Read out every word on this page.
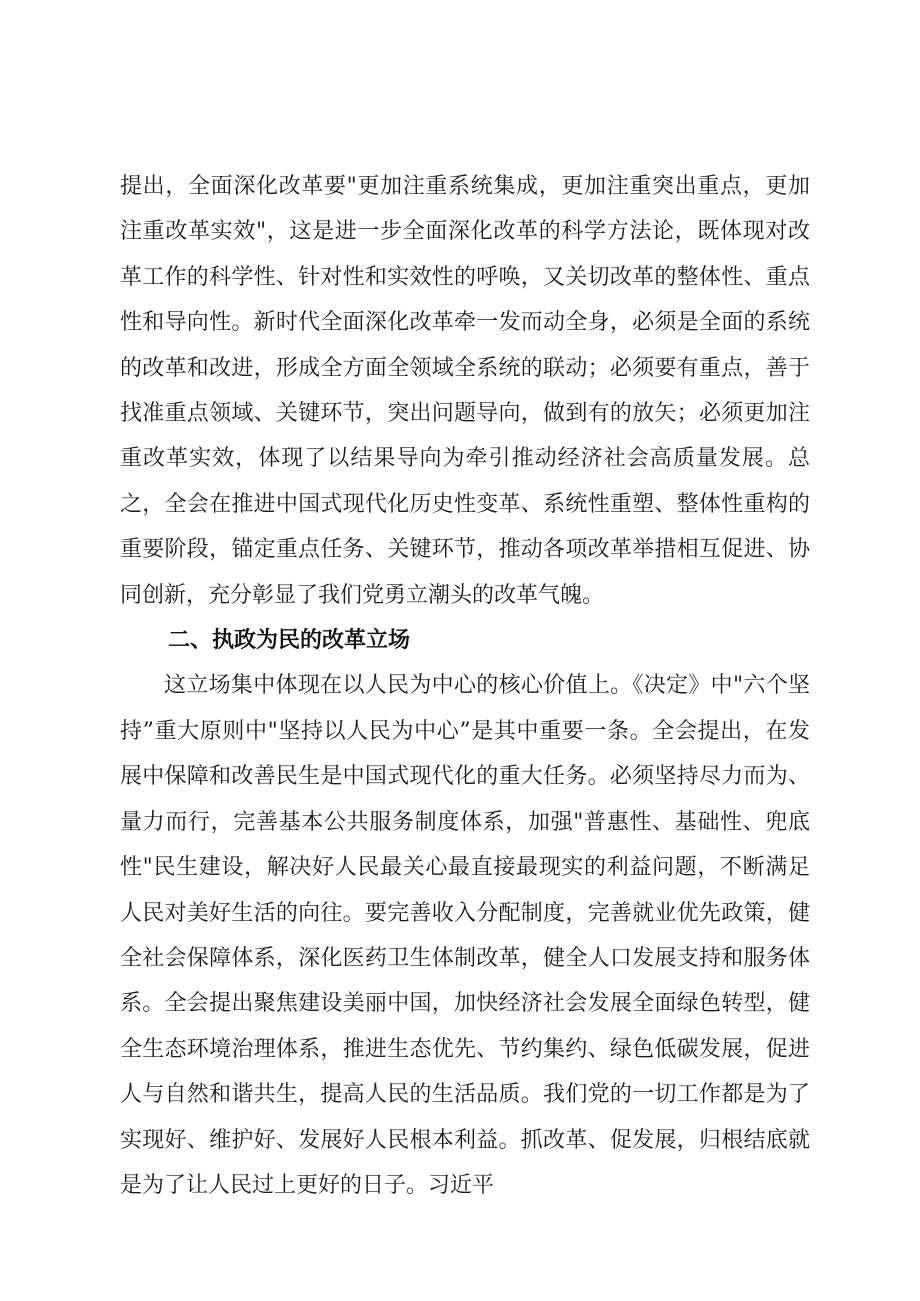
提出，全面深化改革要"更加注重系统集成，更加注重突出重点，更加注重改革实效"，这是进一步全面深化改革的科学方法论，既体现对改革工作的科学性、针对性和实效性的呼唤，又关切改革的整体性、重点性和导向性。新时代全面深化改革牵一发而动全身，必须是全面的系统的改革和改进，形成全方面全领域全系统的联动；必须要有重点，善于找准重点领域、关键环节，突出问题导向，做到有的放矢；必须更加注重改革实效，体现了以结果导向为牵引推动经济社会高质量发展。总之，全会在推进中国式现代化历史性变革、系统性重塑、整体性重构的重要阶段，锚定重点任务、关键环节，推动各项改革举措相互促进、协同创新，充分彰显了我们党勇立潮头的改革气魄。

二、执政为民的改革立场

这立场集中体现在以人民为中心的核心价值上。《决定》中"六个坚持”重大原则中"坚持以人民为中心”是其中重要一条。全会提出，在发展中保障和改善民生是中国式现代化的重大任务。必须坚持尽力而为、量力而行，完善基本公共服务制度体系，加强"普惠性、基础性、兜底性"民生建设，解决好人民最关心最直接最现实的利益问题，不断满足人民对美好生活的向往。要完善收入分配制度，完善就业优先政策，健全社会保障体系，深化医药卫生体制改革，健全人口发展支持和服务体系。全会提出聚焦建设美丽中国，加快经济社会发展全面绿色转型，健全生态环境治理体系，推进生态优先、节约集约、绿色低碳发展，促进人与自然和谐共生，提高人民的生活品质。我们党的一切工作都是为了实现好、维护好、发展好人民根本利益。抓改革、促发展，归根结底就是为了让人民过上更好的日子。习近平
